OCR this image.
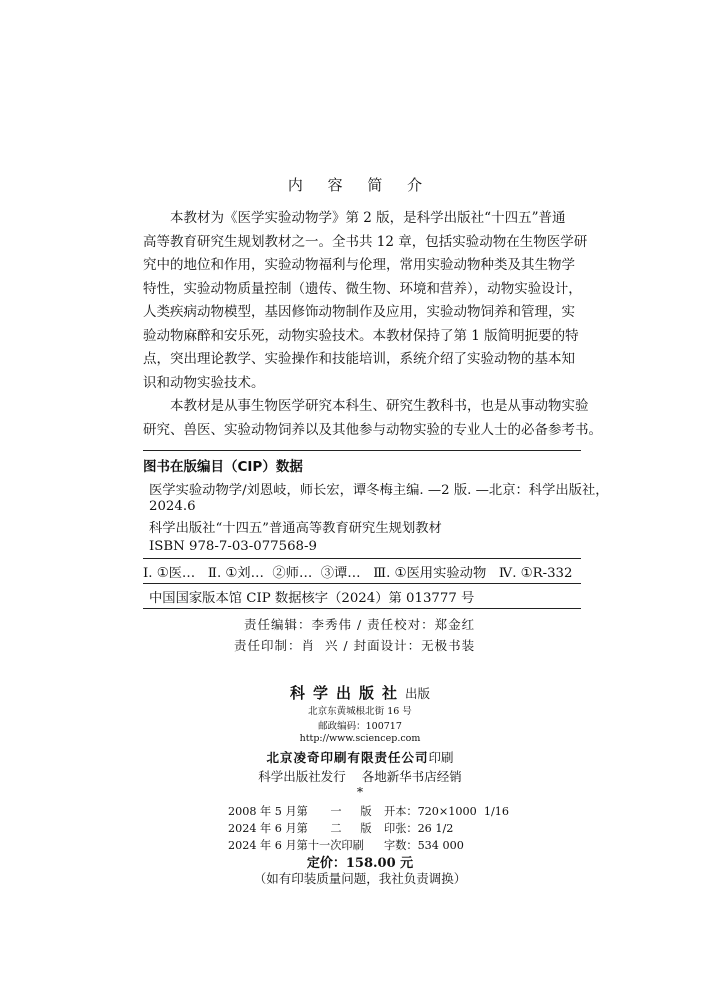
内 容 简 介
本教材为《医学实验动物学》第 2 版，是科学出版社“十四五”普通
高等教育研究生规划教材之一。全书共 12 章，包括实验动物在生物医学研
究中的地位和作用，实验动物福利与伦理，常用实验动物种类及其生物学
特性，实验动物质量控制（遗传、微生物、环境和营养），动物实验设计，
人类疾病动物模型，基因修饰动物制作及应用，实验动物饲养和管理，实
验动物麻醉和安乐死，动物实验技术。本教材保持了第 1 版简明扼要的特
点，突出理论教学、实验操作和技能培训，系统介绍了实验动物的基本知
识和动物实验技术。
本教材是从事生物医学研究本科生、研究生教科书，也是从事动物实验
研究、兽医、实验动物饲养以及其他参与动物实验的专业人士的必备参考书。
图书在版编目（CIP）数据
医学实验动物学/刘恩岐，师长宏，谭冬梅主编. —2 版. —北京：科学出版社，
2024.6
科学出版社“十四五”普通高等教育研究生规划教材
ISBN 978-7-03-077568-9
Ⅰ. ①医…   Ⅱ. ①刘…  ②师…  ③谭…   Ⅲ. ①医用实验动物   Ⅳ. ①R-332
中国国家版本馆 CIP 数据核字（2024）第 013777 号
责任编辑：李秀伟 / 责任校对：郑金红
责任印制：肖  兴 / 封面设计：无极书装
科学出版社出版
北京东黄城根北街 16 号
邮政编码：100717
http://www.sciencep.com
北京凌奇印刷有限责任公司印刷
科学出版社发行    各地新华书店经销
*
2008 年 5 月第 一 版 开本：720×1000  1/16
2024 年 6 月第 二 版 印张：26 1/2
2024 年 6 月第十一次印刷 字数：534 000
定价：158.00 元
（如有印装质量问题，我社负责调换）
